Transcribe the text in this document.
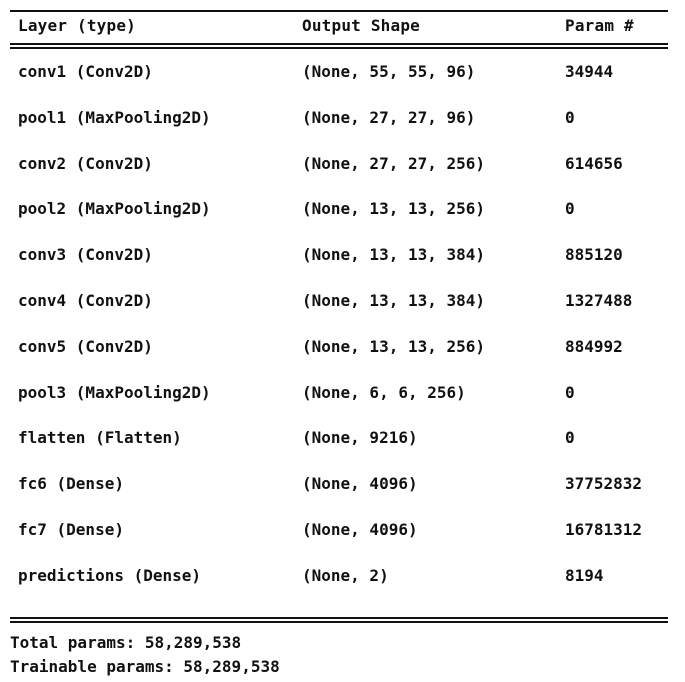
Layer (type)	Output Shape	Param #
conv1 (Conv2D)	(None, 55, 55, 96)	34944
pool1 (MaxPooling2D)	(None, 27, 27, 96)	0
conv2 (Conv2D)	(None, 27, 27, 256)	614656
pool2 (MaxPooling2D)	(None, 13, 13, 256)	0
conv3 (Conv2D)	(None, 13, 13, 384)	885120
conv4 (Conv2D)	(None, 13, 13, 384)	1327488
conv5 (Conv2D)	(None, 13, 13, 256)	884992
pool3 (MaxPooling2D)	(None, 6, 6, 256)	0
flatten (Flatten)	(None, 9216)	0
fc6 (Dense)	(None, 4096)	37752832
fc7 (Dense)	(None, 4096)	16781312
predictions (Dense)	(None, 2)	8194
Total params: 58,289,538
Trainable params: 58,289,538
